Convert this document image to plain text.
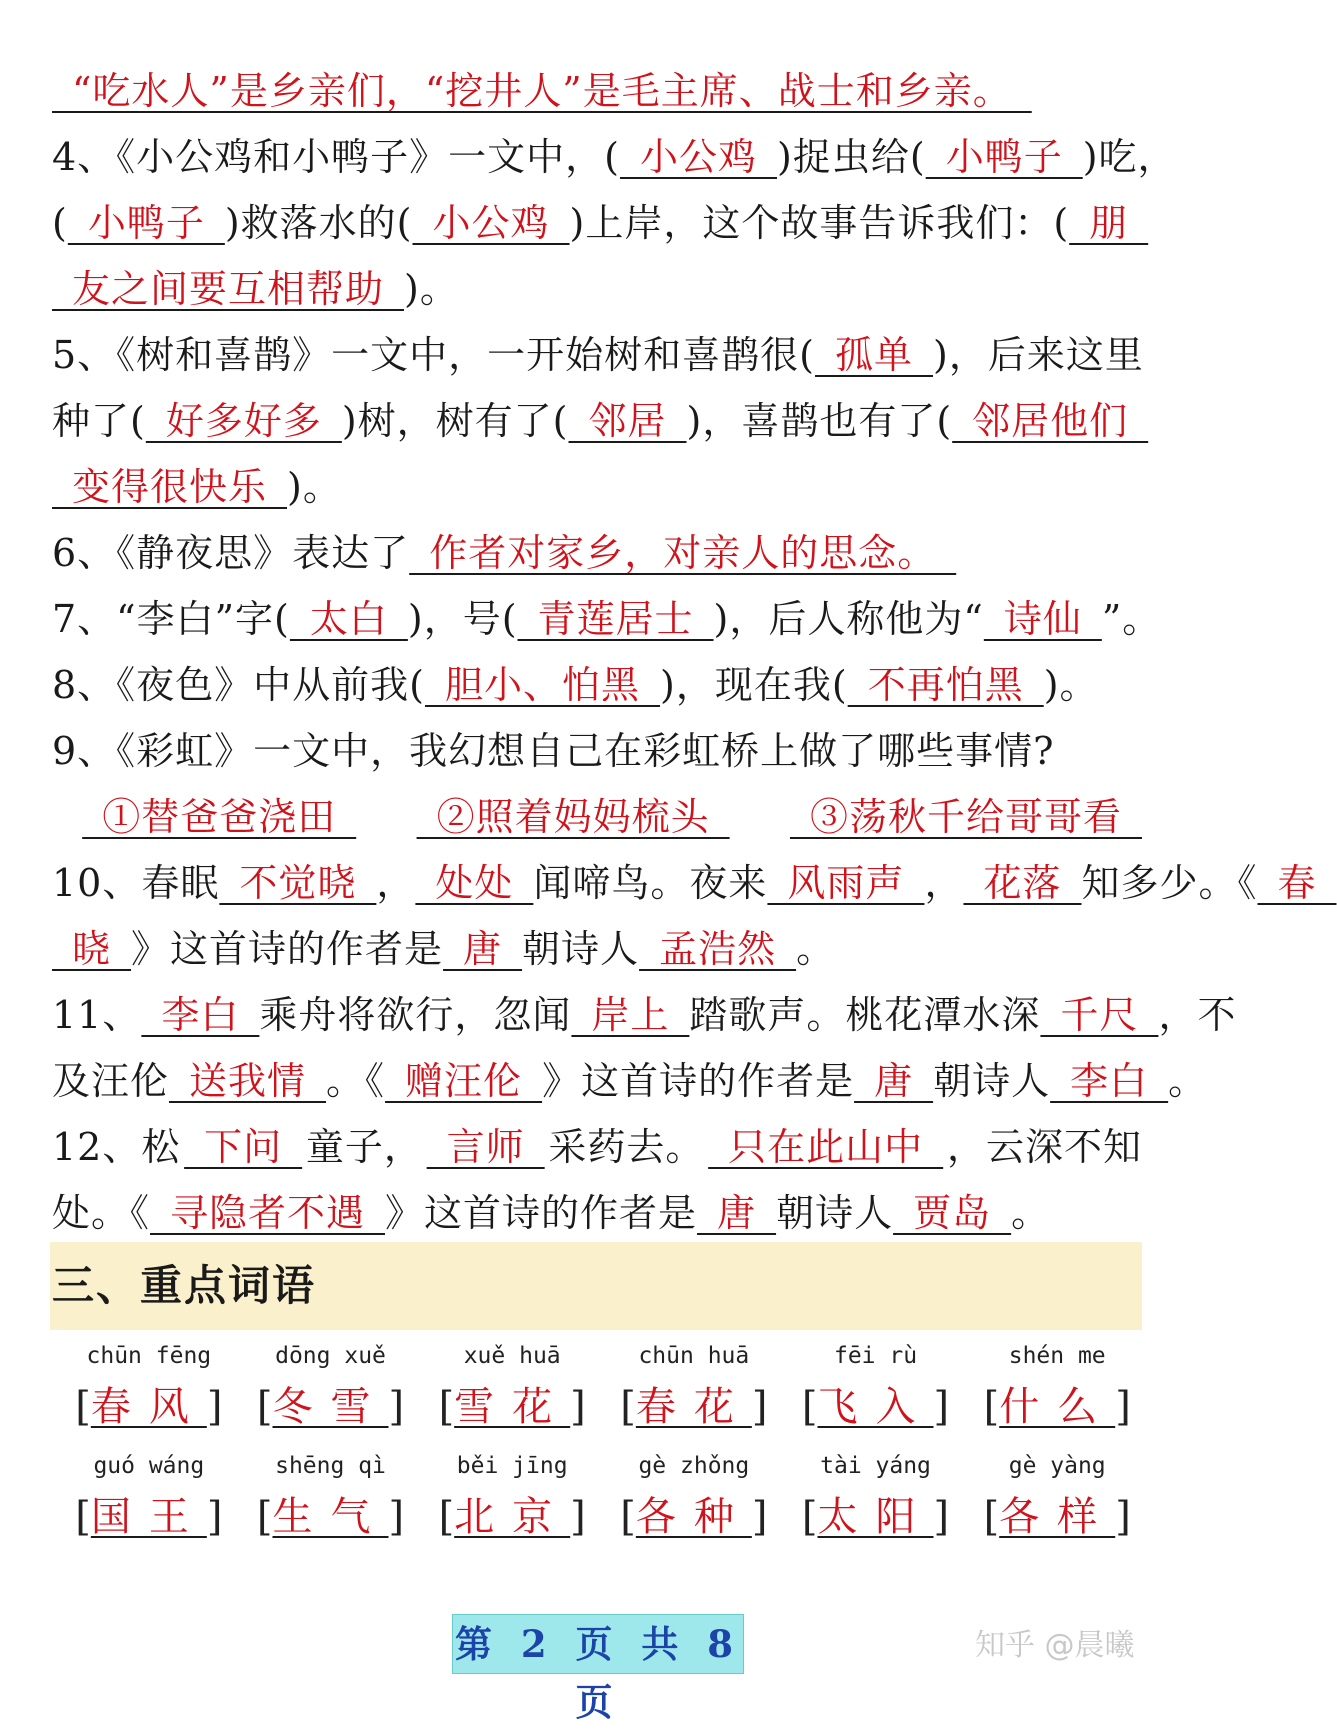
 “吃水人”是乡亲们，“挖井人”是毛主席、战士和乡亲。 
4、《小公鸡和小鸭子》一文中，(  小公鸡  )捉虫给(  小鸭子  )吃，
(  小鸭子  )救落水的(  小公鸡  )上岸，这个故事告诉我们：(  朋 
 友之间要互相帮助 )。
5、《树和喜鹊》一文中，一开始树和喜鹊很(  孤单  )，后来这里
种了(  好多好多  )树，树有了(  邻居  )，喜鹊也有了(  邻居他们 
 变得很快乐 )。
6、《静夜思》表达了 作者对家乡，对亲人的思念。 
7、“李白”字( 太白 )，号( 青莲居士 )，后人称他为“ 诗仙 ”。
8、《夜色》中从前我( 胆小、怕黑 )，现在我( 不再怕黑 )。
9、《彩虹》一文中，我幻想自己在彩虹桥上做了哪些事情?
 ①替爸爸浇田   ②照着妈妈梳头   ③荡秋千给哥哥看 
10、春眠  不觉晓  ，  处处  闻啼鸟。夜来  风雨声  ，  花落  知多少。《  春 
 晓 》这首诗的作者是 唐 朝诗人 孟浩然 。
11、  李白  乘舟将欲行，忽闻  岸上  踏歌声。桃花潭水深  千尺  ，不
及汪伦 送我情 。《 赠汪伦 》这首诗的作者是 唐 朝诗人 李白 。
12、松  下问  童子，  言师  采药去。  只在此山中  ，云深不知
处。《 寻隐者不遇 》这首诗的作者是 唐 朝诗人 贾岛 。
三、重点词语
chūn fēng
[春风]
dōng xuě
[冬雪]
xuě huā
[雪花]
chūn huā
[春花]
fēi rù
[飞入]
shén me
[什么]
guó wáng
[国王]
shēng qì
[生气]
běi jīng
[北京]
gè zhǒng
[各种]
tài yáng
[太阳]
gè yàng
[各样]
第 2 页 共 8 页
知乎 @晨曦
